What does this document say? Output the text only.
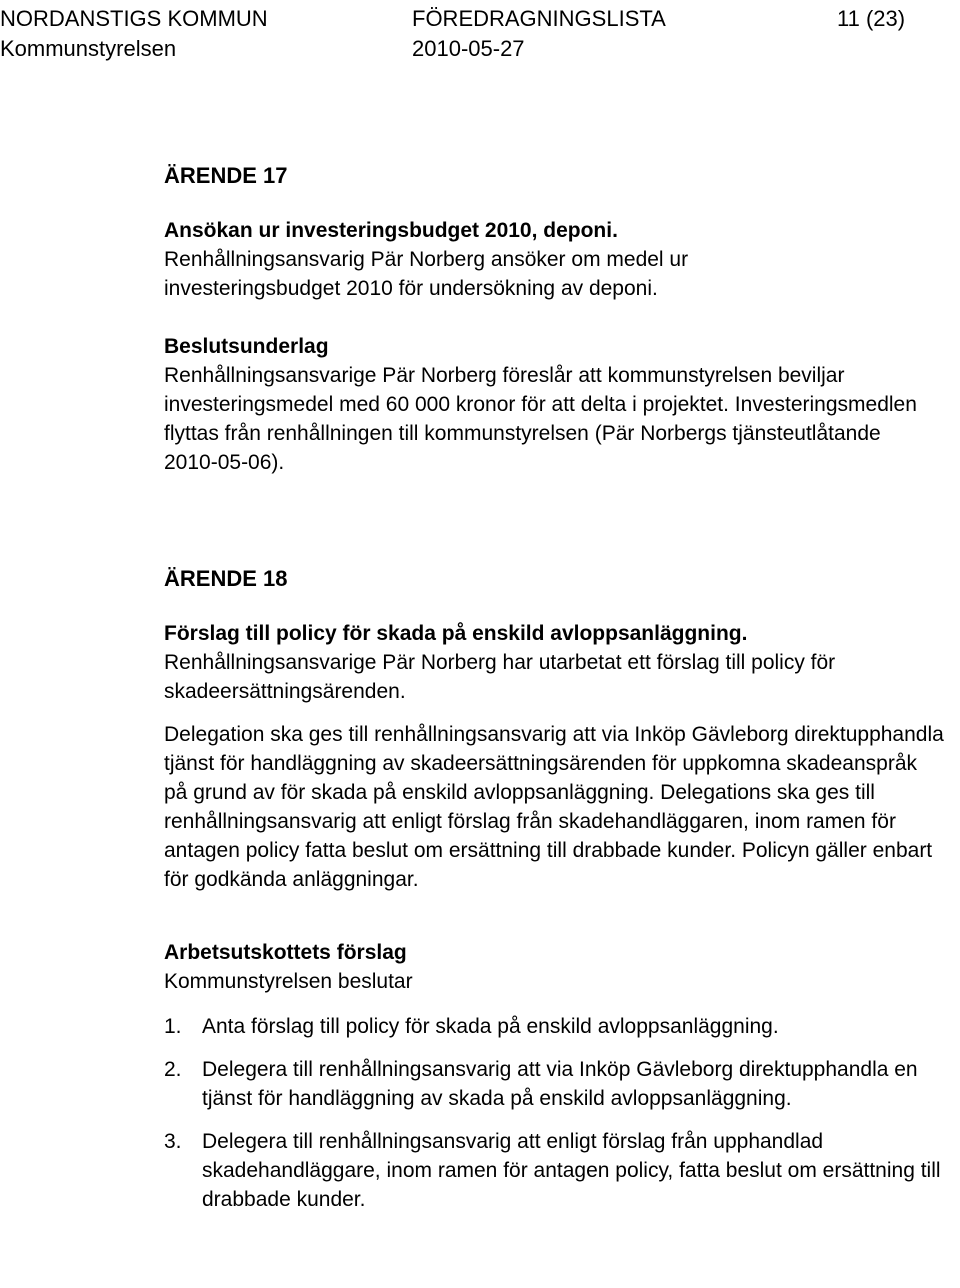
NORDANSTIGS KOMMUN	FÖREDRAGNINGSLISTA	11 (23)
Kommunstyrelsen	2010-05-27
ÄRENDE 17

Ansökan ur investeringsbudget 2010, deponi.

Renhållningsansvarig Pär Norberg ansöker om medel ur investeringsbudget 2010 för undersökning av deponi.

Beslutsunderlag

Renhållningsansvarige Pär Norberg föreslår att kommunstyrelsen beviljar investeringsmedel med 60 000 kronor för att delta i projektet. Investeringsmedlen flyttas från renhållningen till kommunstyrelsen (Pär Norbergs tjänsteutlåtande 2010-05-06).

ÄRENDE 18

Förslag till policy för skada på enskild avloppsanläggning.

Renhållningsansvarige Pär Norberg har utarbetat ett förslag till policy för skadeersättningsärenden.

Delegation ska ges till renhållningsansvarig att via Inköp Gävleborg direktupphandla tjänst för handläggning av skadeersättningsärenden för uppkomna skadeanspråk på grund av för skada på enskild avloppsanläggning. Delegations ska ges till renhållningsansvarig att enligt förslag från skadehandläggaren, inom ramen för antagen policy fatta beslut om ersättning till drabbade kunder. Policyn gäller enbart för godkända anläggningar.

Arbetsutskottets förslag

Kommunstyrelsen beslutar

1. Anta förslag till policy för skada på enskild avloppsanläggning.
2. Delegera till renhållningsansvarig att via Inköp Gävleborg direktupphandla en tjänst för handläggning av skada på enskild avloppsanläggning.
3. Delegera till renhållningsansvarig att enligt förslag från upphandlad skadehandläggare, inom ramen för antagen policy, fatta beslut om ersättning till drabbade kunder.
